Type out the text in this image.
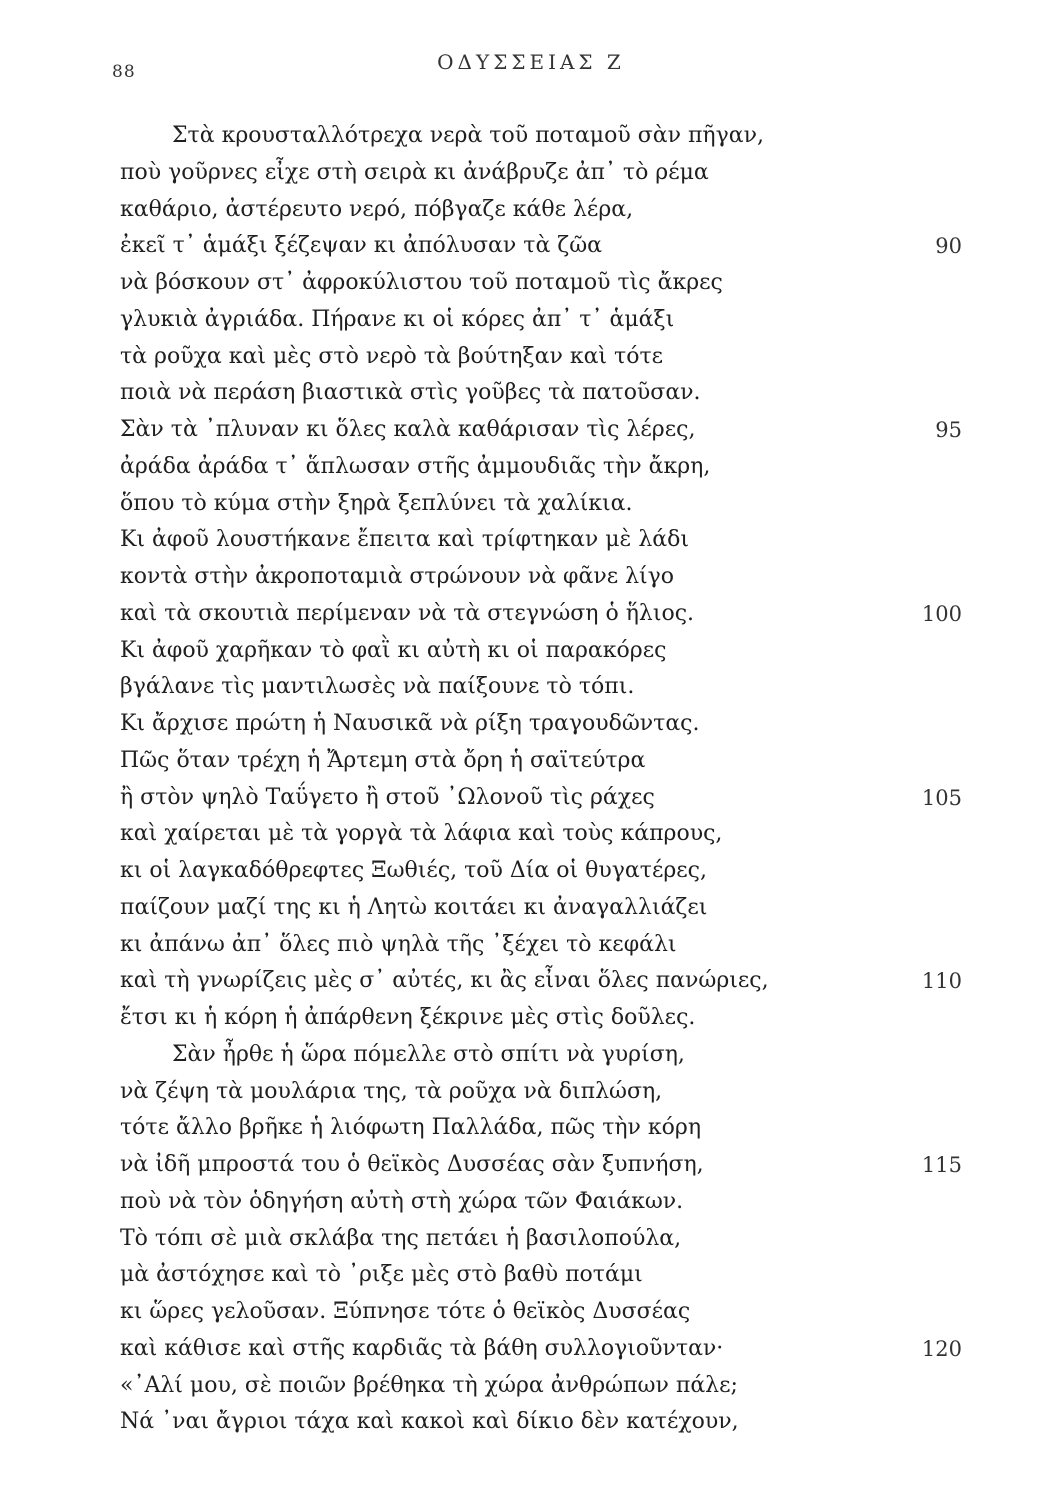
88	ΟΔΥΣΣΕΙΑΣ Ζ
Στὰ κρουσταλλότρεχα νερὰ τοῦ ποταμοῦ σὰν πῆγαν,
ποὺ γοῦρνες εἶχε στὴ σειρὰ κι ἀνάβρυζε ἀπ᾿ τὸ ρέμα
καθάριο, ἀστέρευτο νερό, πόβγαζε κάθε λέρα,
ἐκεῖ τ᾿ ἁμάξι ξέζεψαν κι ἀπόλυσαν τὰ ζῶα	90
νὰ βόσκουν στ᾿ ἀφροκύλιστου τοῦ ποταμοῦ τὶς ἄκρες
γλυκιὰ ἀγριάδα. Πήρανε κι οἱ κόρες ἀπ᾿ τ᾿ ἁμάξι
τὰ ροῦχα καὶ μὲς στὸ νερὸ τὰ βούτηξαν καὶ τότε
ποιὰ νὰ περάση βιαστικὰ στὶς γοῦβες τὰ πατοῦσαν.
Σὰν τὰ ᾿πλυναν κι ὅλες καλὰ καθάρισαν τὶς λέρες,	95
ἀράδα ἀράδα τ᾿ ἅπλωσαν στῆς ἀμμουδιᾶς τὴν ἄκρη,
ὅπου τὸ κύμα στὴν ξηρὰ ξεπλύνει τὰ χαλίκια.
Κι ἀφοῦ λουστήκανε ἔπειτα καὶ τρίφτηκαν μὲ λάδι
κοντὰ στὴν ἀκροποταμιὰ στρώνουν νὰ φᾶνε λίγο
καὶ τὰ σκουτιὰ περίμεναν νὰ τὰ στεγνώση ὁ ἥλιος.	100
Κι ἀφοῦ χαρῆκαν τὸ φαῒ κι αὐτὴ κι οἱ παρακόρες
βγάλανε τὶς μαντιλωσὲς νὰ παίξουνε τὸ τόπι.
Κι ἄρχισε πρώτη ἡ Ναυσικᾶ νὰ ρίξη τραγουδῶντας.
Πῶς ὅταν τρέχη ἡ Ἄρτεμη στὰ ὄρη ἡ σαϊτεύτρα
ἢ στὸν ψηλὸ Ταΰγετο ἢ στοῦ ᾿Ωλονοῦ τὶς ράχες	105
καὶ χαίρεται μὲ τὰ γοργὰ τὰ λάφια καὶ τοὺς κάπρους,
κι οἱ λαγκαδόθρεφτες Ξωθιές, τοῦ Δία οἱ θυγατέρες,
παίζουν μαζί της κι ἡ Λητὼ κοιτάει κι ἀναγαλλιάζει
κι ἀπάνω ἀπ᾿ ὅλες πιὸ ψηλὰ τῆς ᾿ξέχει τὸ κεφάλι
καὶ τὴ γνωρίζεις μὲς σ᾿ αὐτές, κι ἂς εἶναι ὅλες πανώριες,	110
ἔτσι κι ἡ κόρη ἡ ἀπάρθενη ξέκρινε μὲς στὶς δοῦλες.
Σὰν ἦρθε ἡ ὥρα πόμελλε στὸ σπίτι νὰ γυρίση,
νὰ ζέψη τὰ μουλάρια της, τὰ ροῦχα νὰ διπλώση,
τότε ἄλλο βρῆκε ἡ λιόφωτη Παλλάδα, πῶς τὴν κόρη
νὰ ἰδῆ μπροστά του ὁ θεϊκὸς Δυσσέας σὰν ξυπνήση,	115
ποὺ νὰ τὸν ὁδηγήση αὐτὴ στὴ χώρα τῶν Φαιάκων.
Τὸ τόπι σὲ μιὰ σκλάβα της πετάει ἡ βασιλοπούλα,
μὰ ἀστόχησε καὶ τὸ ᾿ριξε μὲς στὸ βαθὺ ποτάμι
κι ὥρες γελοῦσαν. Ξύπνησε τότε ὁ θεϊκὸς Δυσσέας
καὶ κάθισε καὶ στῆς καρδιᾶς τὰ βάθη συλλογιοῦνταν·	120
«᾿Αλί μου, σὲ ποιῶν βρέθηκα τὴ χώρα ἀνθρώπων πάλε;
Νά ᾿ναι ἄγριοι τάχα καὶ κακοὶ καὶ δίκιο δὲν κατέχουν,
